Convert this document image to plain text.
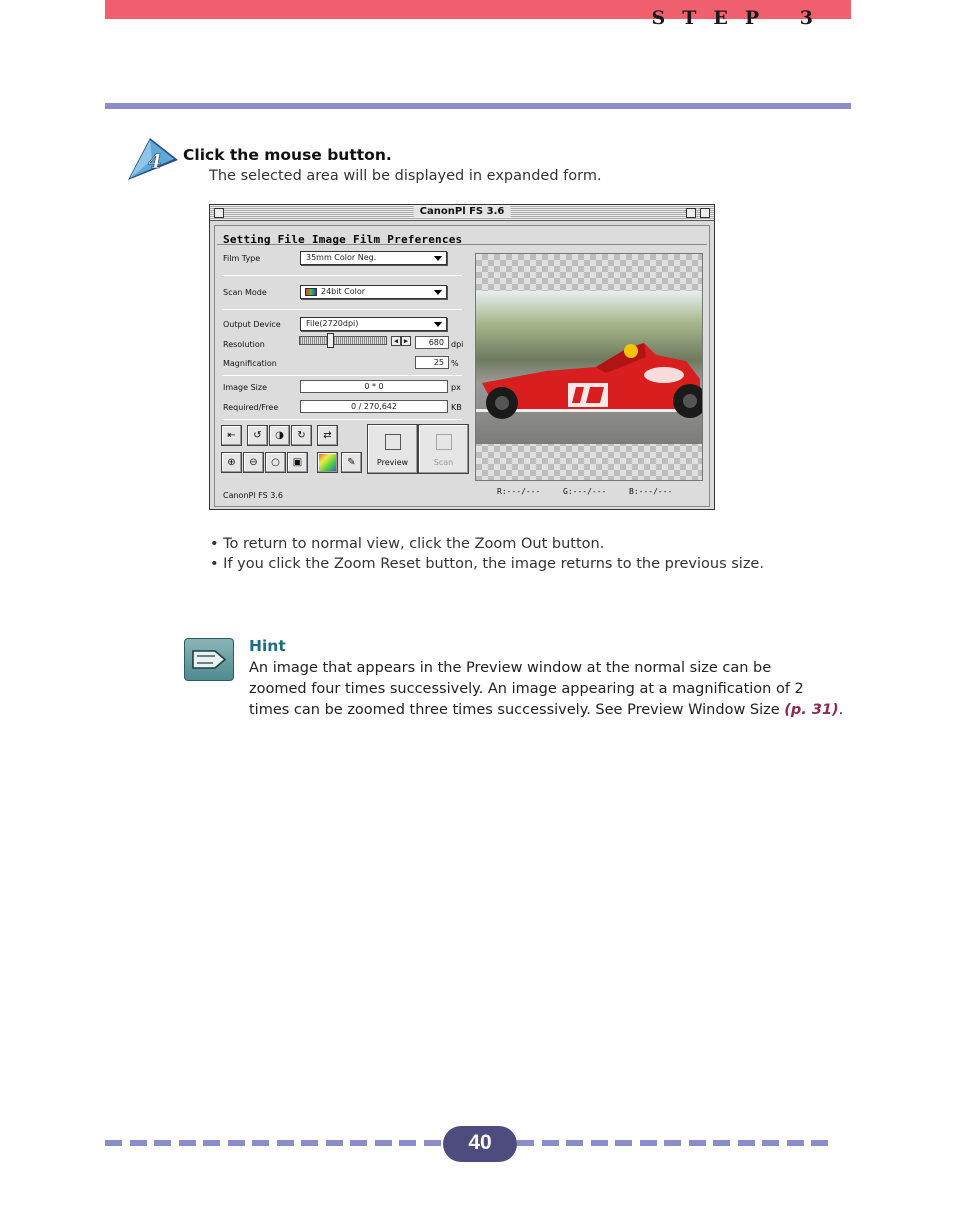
STEP 3
4 Click the mouse button.
The selected area will be displayed in expanded form.
CanonPl FS 3.6
Setting File Image Film Preferences
Film Type	35mm Color Neg.
Scan Mode	24bit Color
Output Device	File(2720dpi)
Resolution	◀ ▶	680 dpi
Magnification	25 %
Image Size	0 * 0	px
Required/Free	0 / 270,642	KB
⇤	↺	◑	↻	⇄
⊕	⊖	○	▣	✎	Preview	Scan
CanonPl FS 3.6	R:---/---	G:---/---	B:---/---
• To return to normal view, click the Zoom Out button.
• If you click the Zoom Reset button, the image returns to the previous size.
Hint
An image that appears in the Preview window at the normal size can be
zoomed four times successively. An image appearing at a magnification of 2
times can be zoomed three times successively. See Preview Window Size (p. 31).
40
